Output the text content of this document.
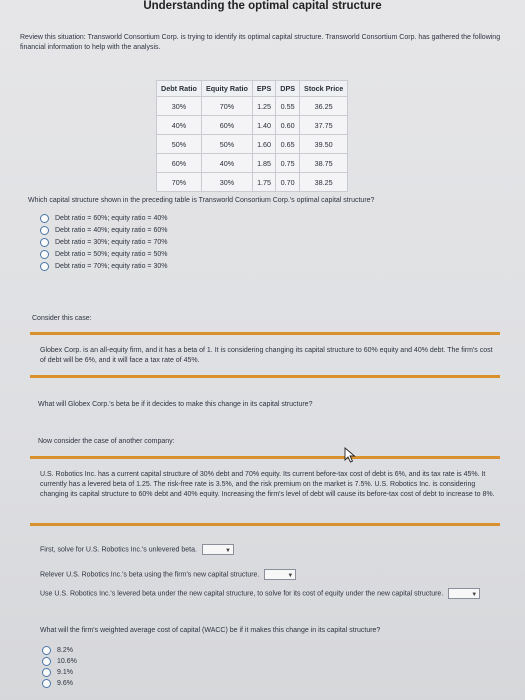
Understanding the optimal capital structure
Review this situation: Transworld Consortium Corp. is trying to identify its optimal capital structure. Transworld Consortium Corp. has gathered the following financial information to help with the analysis.
Debt Ratio	Equity Ratio	EPS	DPS	Stock Price
30%	70%	1.25	0.55	36.25
40%	60%	1.40	0.60	37.75
50%	50%	1.60	0.65	39.50
60%	40%	1.85	0.75	38.75
70%	30%	1.75	0.70	38.25
Which capital structure shown in the preceding table is Transworld Consortium Corp.'s optimal capital structure?
Debt ratio = 60%; equity ratio = 40%
Debt ratio = 40%; equity ratio = 60%
Debt ratio = 30%; equity ratio = 70%
Debt ratio = 50%; equity ratio = 50%
Debt ratio = 70%; equity ratio = 30%
Consider this case:
Globex Corp. is an all-equity firm, and it has a beta of 1. It is considering changing its capital structure to 60% equity and 40% debt. The firm's cost of debt will be 6%, and it will face a tax rate of 45%.
What will Globex Corp.'s beta be if it decides to make this change in its capital structure?
Now consider the case of another company:
U.S. Robotics Inc. has a current capital structure of 30% debt and 70% equity. Its current before-tax cost of debt is 6%, and its tax rate is 45%. It currently has a levered beta of 1.25. The risk-free rate is 3.5%, and the risk premium on the market is 7.5%. U.S. Robotics Inc. is considering changing its capital structure to 60% debt and 40% equity. Increasing the firm's level of debt will cause its before-tax cost of debt to increase to 8%.
First, solve for U.S. Robotics Inc.'s unlevered beta.	▼
Relever U.S. Robotics Inc.'s beta using the firm's new capital structure.	▼
Use U.S. Robotics Inc.'s levered beta under the new capital structure, to solve for its cost of equity under the new capital structure.	▼
What will the firm's weighted average cost of capital (WACC) be if it makes this change in its capital structure?
8.2%
10.6%
9.1%
9.6%
